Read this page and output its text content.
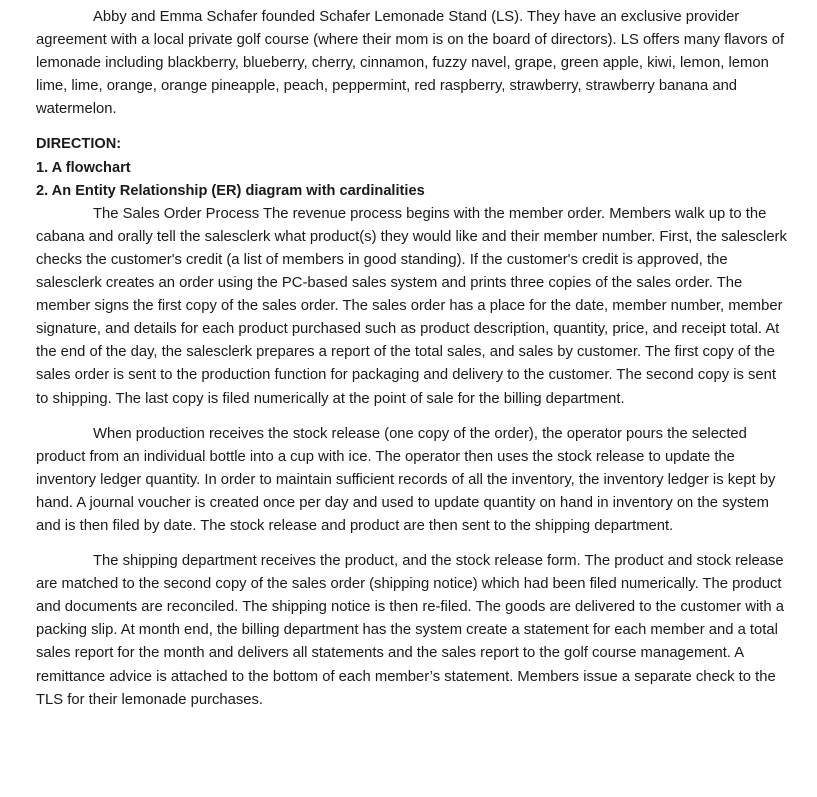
Abby and Emma Schafer founded Schafer Lemonade Stand (LS). They have an exclusive provider agreement with a local private golf course (where their mom is on the board of directors). LS offers many flavors of lemonade including blackberry, blueberry, cherry, cinnamon, fuzzy navel, grape, green apple, kiwi, lemon, lemon lime, lime, orange, orange pineapple, peach, peppermint, red raspberry, strawberry, strawberry banana and watermelon.

DIRECTION:

1. A flowchart

2. An Entity Relationship (ER) diagram with cardinalities

The Sales Order Process The revenue process begins with the member order. Members walk up to the cabana and orally tell the salesclerk what product(s) they would like and their member number. First, the salesclerk checks the customer's credit (a list of members in good standing). If the customer's credit is approved, the salesclerk creates an order using the PC-based sales system and prints three copies of the sales order. The member signs the first copy of the sales order. The sales order has a place for the date, member number, member signature, and details for each product purchased such as product description, quantity, price, and receipt total. At the end of the day, the salesclerk prepares a report of the total sales, and sales by customer. The first copy of the sales order is sent to the production function for packaging and delivery to the customer. The second copy is sent to shipping. The last copy is filed numerically at the point of sale for the billing department.

When production receives the stock release (one copy of the order), the operator pours the selected product from an individual bottle into a cup with ice. The operator then uses the stock release to update the inventory ledger quantity. In order to maintain sufficient records of all the inventory, the inventory ledger is kept by hand. A journal voucher is created once per day and used to update quantity on hand in inventory on the system and is then filed by date. The stock release and product are then sent to the shipping department.

The shipping department receives the product, and the stock release form. The product and stock release are matched to the second copy of the sales order (shipping notice) which had been filed numerically. The product and documents are reconciled. The shipping notice is then re-filed. The goods are delivered to the customer with a packing slip. At month end, the billing department has the system create a statement for each member and a total sales report for the month and delivers all statements and the sales report to the golf course management. A remittance advice is attached to the bottom of each member’s statement. Members issue a separate check to the TLS for their lemonade purchases.
